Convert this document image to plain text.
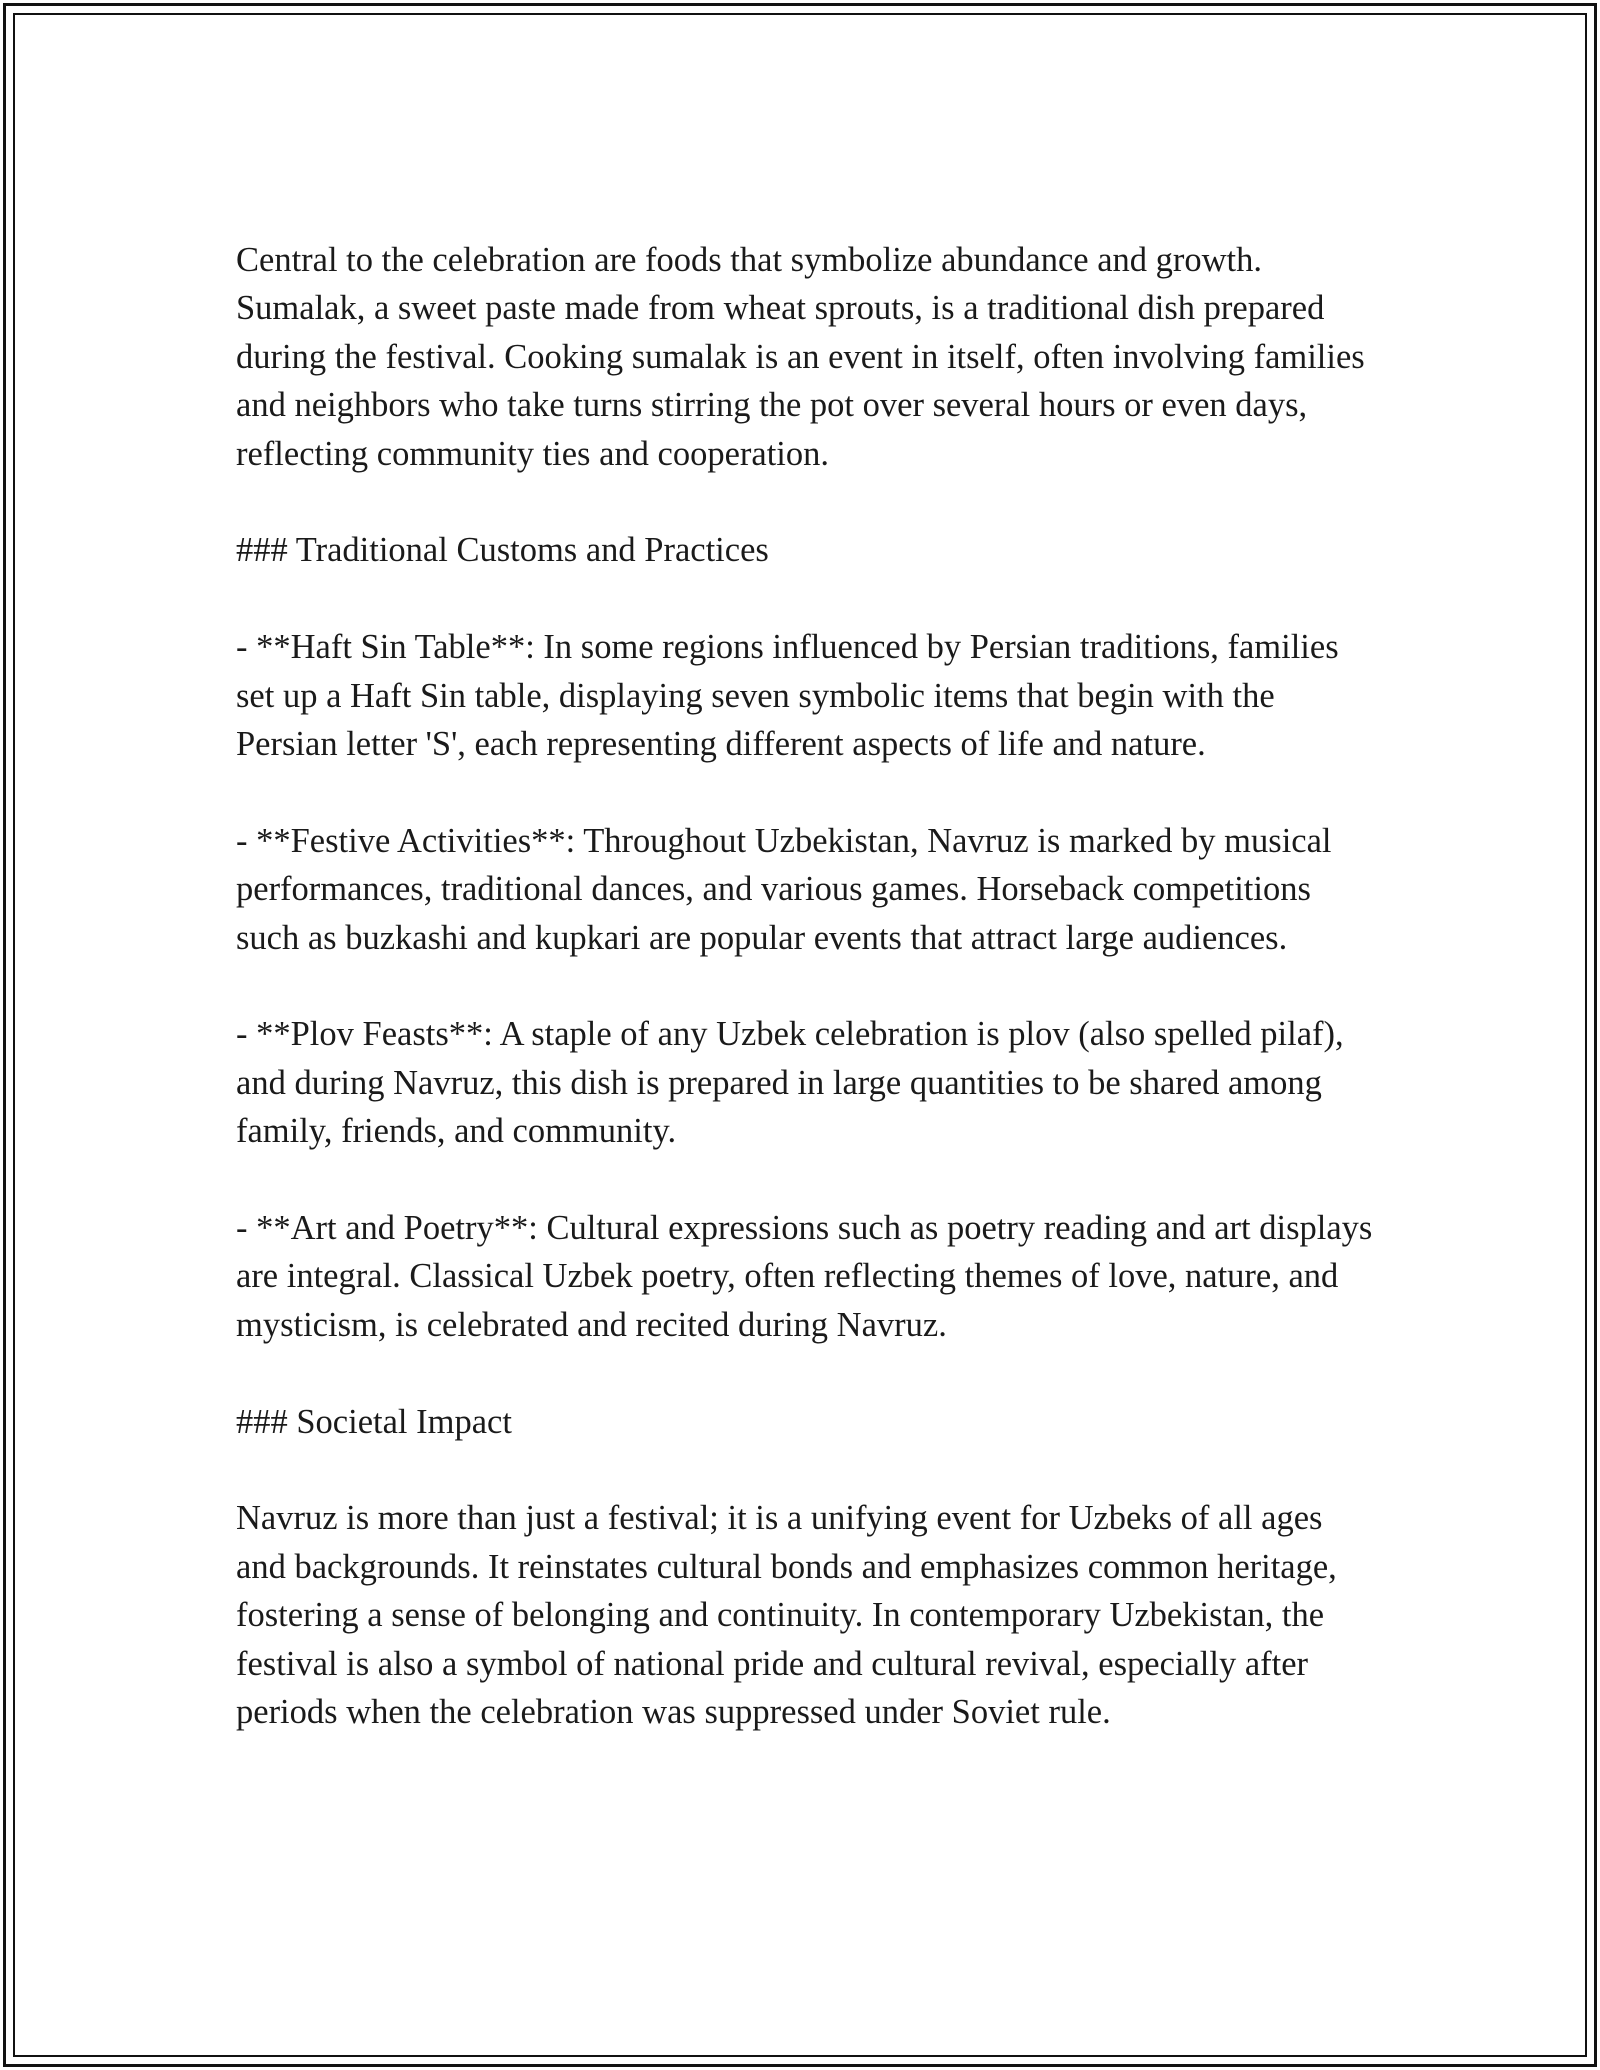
Central to the celebration are foods that symbolize abundance and growth. Sumalak, a sweet paste made from wheat sprouts, is a traditional dish prepared during the festival. Cooking sumalak is an event in itself, often involving families and neighbors who take turns stirring the pot over several hours or even days, reflecting community ties and cooperation.

### Traditional Customs and Practices

- **Haft Sin Table**: In some regions influenced by Persian traditions, families set up a Haft Sin table, displaying seven symbolic items that begin with the Persian letter 'S', each representing different aspects of life and nature.

- **Festive Activities**: Throughout Uzbekistan, Navruz is marked by musical performances, traditional dances, and various games. Horseback competitions such as buzkashi and kupkari are popular events that attract large audiences.

- **Plov Feasts**: A staple of any Uzbek celebration is plov (also spelled pilaf), and during Navruz, this dish is prepared in large quantities to be shared among family, friends, and community.

- **Art and Poetry**: Cultural expressions such as poetry reading and art displays are integral. Classical Uzbek poetry, often reflecting themes of love, nature, and mysticism, is celebrated and recited during Navruz.

### Societal Impact

Navruz is more than just a festival; it is a unifying event for Uzbeks of all ages and backgrounds. It reinstates cultural bonds and emphasizes common heritage, fostering a sense of belonging and continuity. In contemporary Uzbekistan, the festival is also a symbol of national pride and cultural revival, especially after periods when the celebration was suppressed under Soviet rule.
